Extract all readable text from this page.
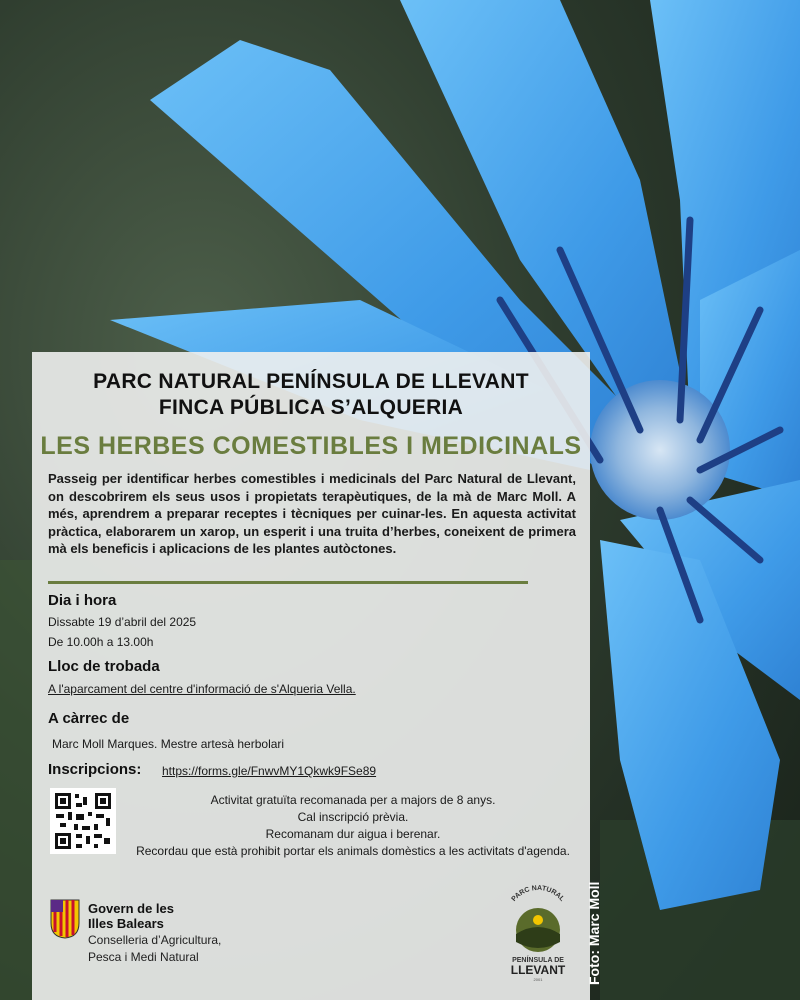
PARC NATURAL PENÍNSULA DE LLEVANT
FINCA PÚBLICA S’ALQUERIA
LES HERBES COMESTIBLES I MEDICINALS
Passeig per identificar herbes comestibles i medicinals del Parc Natural de Llevant, on descobrirem els seus usos i propietats terapèutiques, de la mà de Marc Moll. A més, aprendrem a preparar receptes i tècniques per cuinar-les. En aquesta activitat pràctica, elaborarem un xarop, un esperit i una truita d’herbes, coneixent de primera mà els beneficis i aplicacions de les plantes autòctones.
Dia i hora
Dissabte 19 d’abril del 2025
De 10.00h a 13.00h
Lloc de trobada
A l'aparcament del centre d'informació de s'Alqueria Vella.
A càrrec de
Marc Moll Marques. Mestre artesà herbolari
Inscripcions: https://forms.gle/FnwvMY1Qkwk9FSe89
Activitat gratuïta recomanada per a majors de 8 anys.
Cal inscripció prèvia.
Recomanam dur aigua i berenar.
Recordau que està prohibit portar els animals domèstics a les activitats d'agenda.
Govern de les
Illes Balears
Conselleria d’Agricultura,
Pesca i Medi Natural
PARC NATURAL
PENÍNSULA DE
LLEVANT
2001	Foto: Marc Moll
